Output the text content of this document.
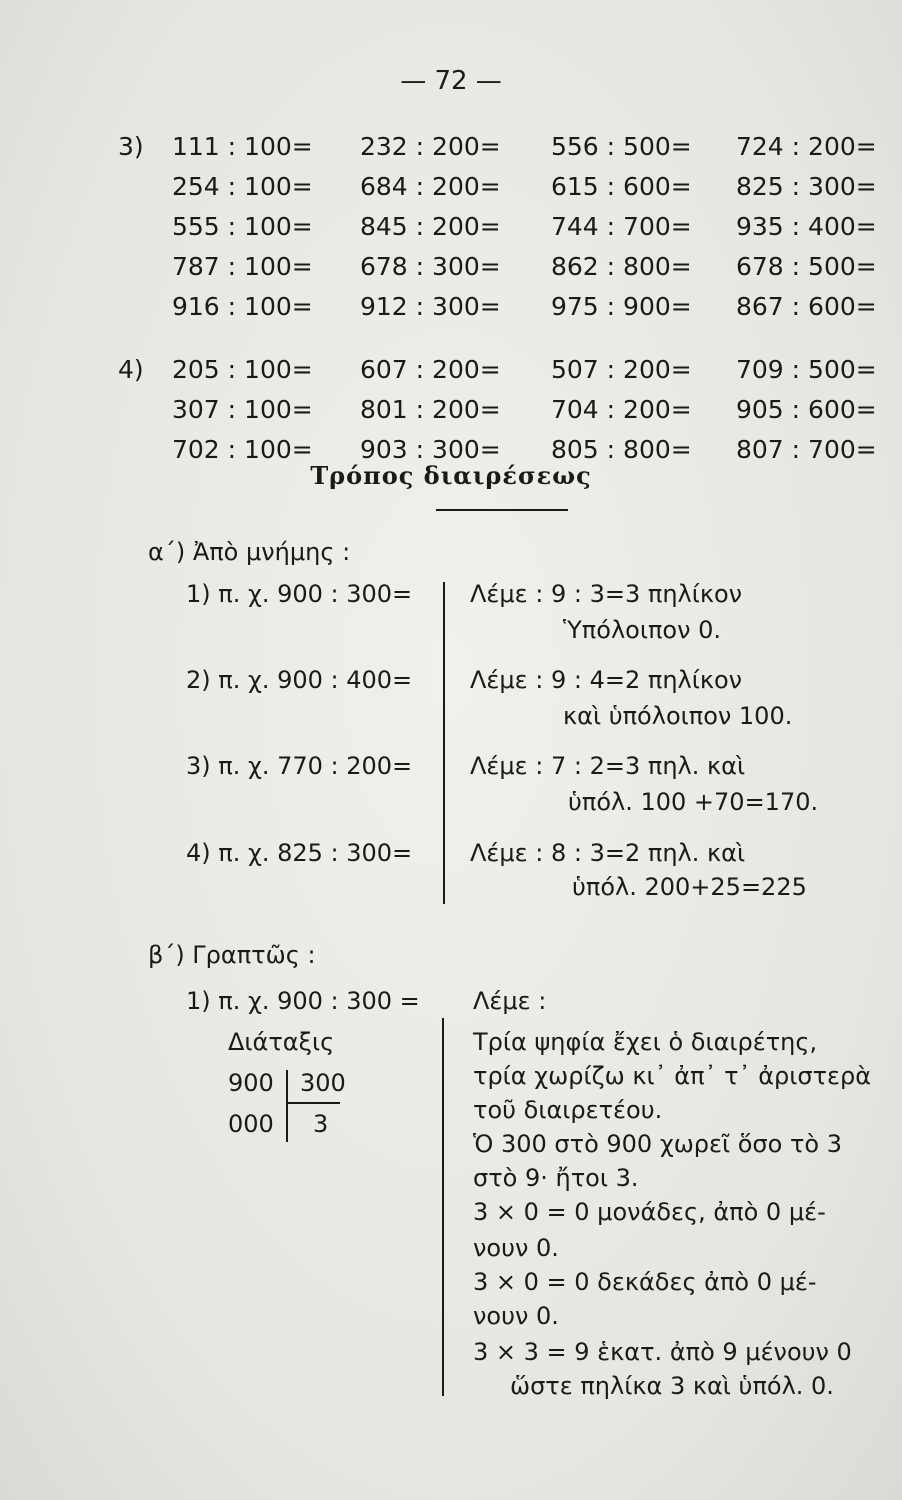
— 72 —
3) 111 : 100= 232 : 200= 556 : 500= 724 : 200=
254 : 100= 684 : 200= 615 : 600= 825 : 300=
555 : 100= 845 : 200= 744 : 700= 935 : 400=
787 : 100= 678 : 300= 862 : 800= 678 : 500=
916 : 100= 912 : 300= 975 : 900= 867 : 600=
4) 205 : 100= 607 : 200= 507 : 200= 709 : 500=
307 : 100= 801 : 200= 704 : 200= 905 : 600=
702 : 100= 903 : 300= 805 : 800= 807 : 700=
Τρόπος διαιρέσεως
α΄) Ἀπὸ μνήμης :
1) π. χ. 900 : 300= Λέμε : 9 : 3=3 πηλίκον
Ὑπόλοιπον 0.
2) π. χ. 900 : 400= Λέμε : 9 : 4=2 πηλίκον
καὶ ὑπόλοιπον 100.
3) π. χ. 770 : 200= Λέμε : 7 : 2=3 πηλ. καὶ
ὑπόλ. 100 +70=170.
4) π. χ. 825 : 300= Λέμε : 8 : 3=2 πηλ. καὶ
ὑπόλ. 200+25=225
β΄) Γραπτῶς :
1) π. χ. 900 : 300 =
Διάταξις
900 300
000 3
Λέμε :
Τρία ψηφία ἔχει ὁ διαιρέτης,
τρία χωρίζω κι᾽ ἀπ᾽ τ᾽ ἀριστερὰ
τοῦ διαιρετέου.
Ὁ 300 στὸ 900 χωρεῖ ὅσο τὸ 3
στὸ 9· ἤτοι 3.
3 × 0 = 0 μονάδες, ἀπὸ 0 μέ-
νουν 0.
3 × 0 = 0 δεκάδες ἀπὸ 0 μέ-
νουν 0.
3 × 3 = 9 ἑκατ. ἀπὸ 9 μένουν 0
ὥστε πηλίκα 3 καὶ ὑπόλ. 0.
